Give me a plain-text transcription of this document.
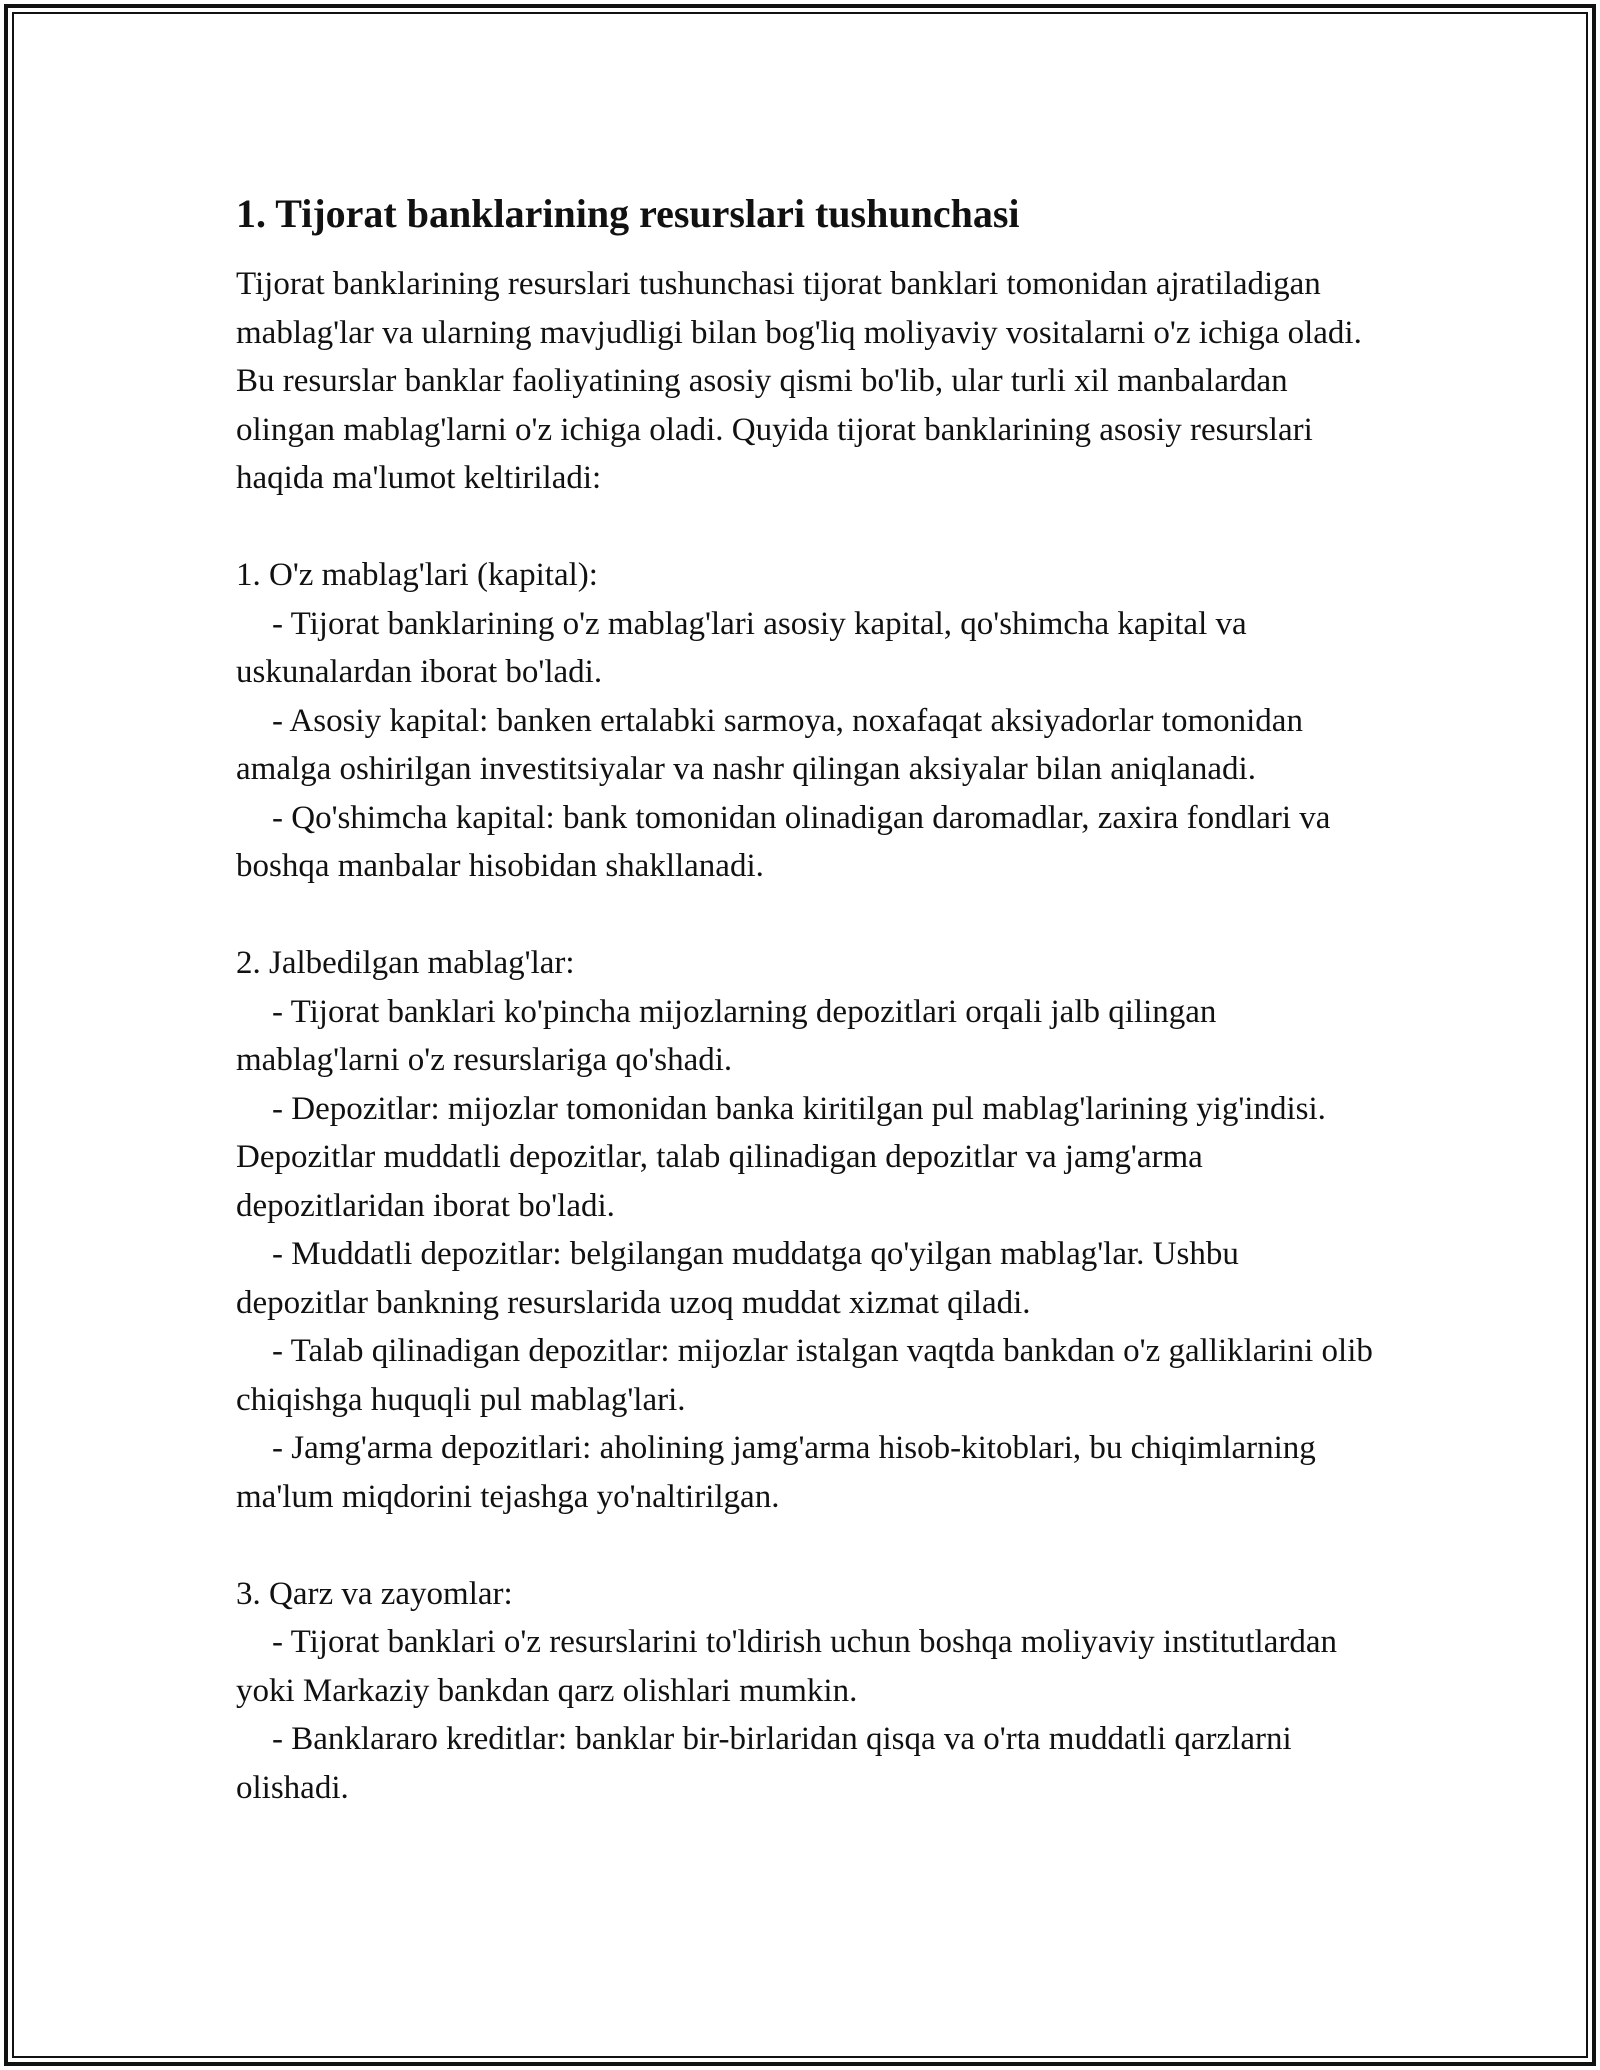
1. Tijorat banklarining resurslari tushunchasi

Tijorat banklarining resurslari tushunchasi tijorat banklari tomonidan ajratiladigan mablag'lar va ularning mavjudligi bilan bog'liq moliyaviy vositalarni o'z ichiga oladi. Bu resurslar banklar faoliyatining asosiy qismi bo'lib, ular turli xil manbalardan olingan mablag'larni o'z ichiga oladi. Quyida tijorat banklarining asosiy resurslari haqida ma'lumot keltiriladi:

1. O'z mablag'lari (kapital):

- Tijorat banklarining o'z mablag'lari asosiy kapital, qo'shimcha kapital va uskunalardan iborat bo'ladi.

- Asosiy kapital: banken ertalabki sarmoya, noxafaqat aksiyadorlar tomonidan amalga oshirilgan investitsiyalar va nashr qilingan aksiyalar bilan aniqlanadi.

- Qo'shimcha kapital: bank tomonidan olinadigan daromadlar, zaxira fondlari va boshqa manbalar hisobidan shakllanadi.

2. Jalbedilgan mablag'lar:

- Tijorat banklari ko'pincha mijozlarning depozitlari orqali jalb qilingan mablag'larni o'z resurslariga qo'shadi.

- Depozitlar: mijozlar tomonidan banka kiritilgan pul mablag'larining yig'indisi. Depozitlar muddatli depozitlar, talab qilinadigan depozitlar va jamg'arma depozitlaridan iborat bo'ladi.

- Muddatli depozitlar: belgilangan muddatga qo'yilgan mablag'lar. Ushbu depozitlar bankning resurslarida uzoq muddat xizmat qiladi.

- Talab qilinadigan depozitlar: mijozlar istalgan vaqtda bankdan o'z galliklarini olib chiqishga huquqli pul mablag'lari.

- Jamg'arma depozitlari: aholining jamg'arma hisob-kitoblari, bu chiqimlarning ma'lum miqdorini tejashga yo'naltirilgan.

3. Qarz va zayomlar:

- Tijorat banklari o'z resurslarini to'ldirish uchun boshqa moliyaviy institutlardan yoki Markaziy bankdan qarz olishlari mumkin.

- Banklararo kreditlar: banklar bir-birlaridan qisqa va o'rta muddatli qarzlarni olishadi.
